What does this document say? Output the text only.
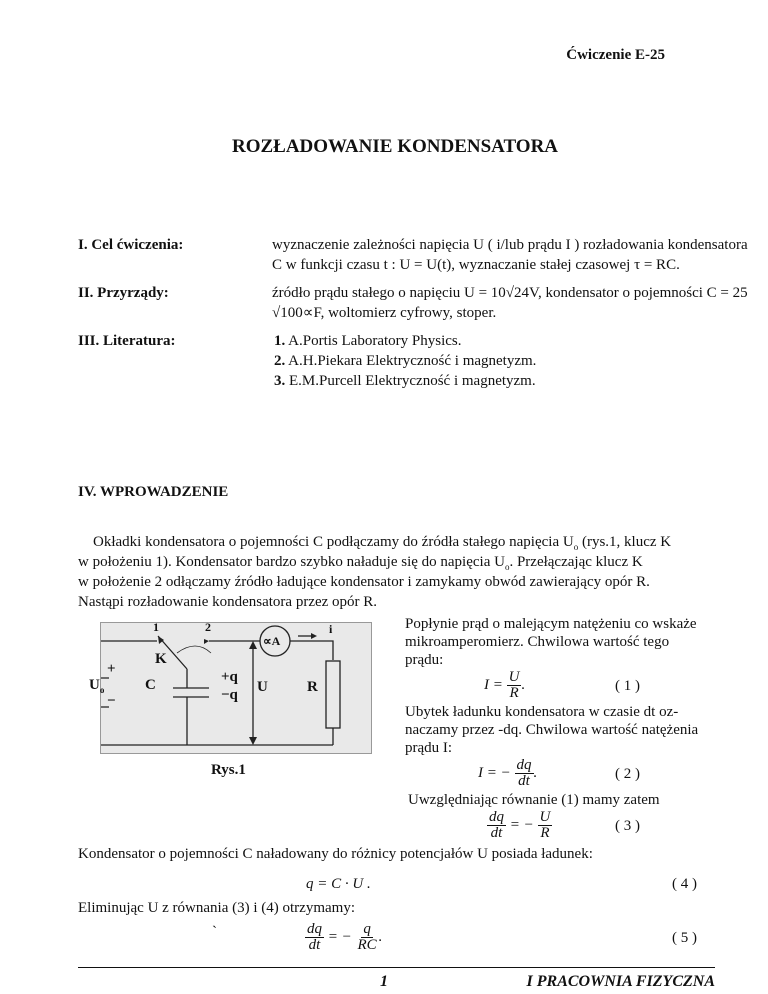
Ćwiczenie E-25
ROZŁADOWANIE KONDENSATORA
I. Cel ćwiczenia:	wyznaczenie zależności napięcia U ( i/lub prądu I ) rozładowania kondensatora
C w funkcji czasu t : U = U(t), wyznaczanie stałej czasowej τ = RC.
II. Przyrządy:	źródło prądu stałego o napięciu U = 10√24V, kondensator o pojemności C = 25
√100∝F, woltomierz cyfrowy, stoper.
III. Literatura:	1. A.Portis Laboratory Physics.
2. A.H.Piekara Elektryczność i magnetyzm.
3. E.M.Purcell Elektryczność i magnetyzm.
IV. WPROWADZENIE
Okładki kondensatora o pojemności C podłączamy do źródła stałego napięcia $U_o$ (rys.1, klucz K
w położeniu 1). Kondensator bardzo szybko naładuje się do napięcia $U_o$. Przełączając klucz K
w położenie 2 odłączamy źródło ładujące kondensator i zamykamy obwód zawierający opór R.
Nastąpi rozładowanie kondensatora przez opór R.
1	2
∝A
i
K
+
$U_o$
−
C	+q
−q U	R
Rys.1
Popłynie prąd o malejącym natężeniu co wskaże
mikroamperomierz. Chwilowa wartość tego
prądu:
$I = \frac{U}{R}$ .	( 1 )
Ubytek ładunku kondensatora w czasie dt oz-
naczamy przez -dq. Chwilowa wartość natężenia
prądu I:
I = − $\frac{dq}{dt}$ .	( 2 )
Uwzględniając równanie (1) mamy zatem
$\frac{dq}{dt}$ = − $\frac{U}{R}$	( 3 )
Kondensator o pojemności C naładowany do różnicy potencjałów U posiada ładunek:
q = C · U .	( 4 )
Eliminując U z równania (3) i (4) otrzymamy:
`	$\frac{dq}{dt}$ = − $\frac{q}{RC}$ .	( 5 )
1	I PRACOWNIA FIZYCZNA
